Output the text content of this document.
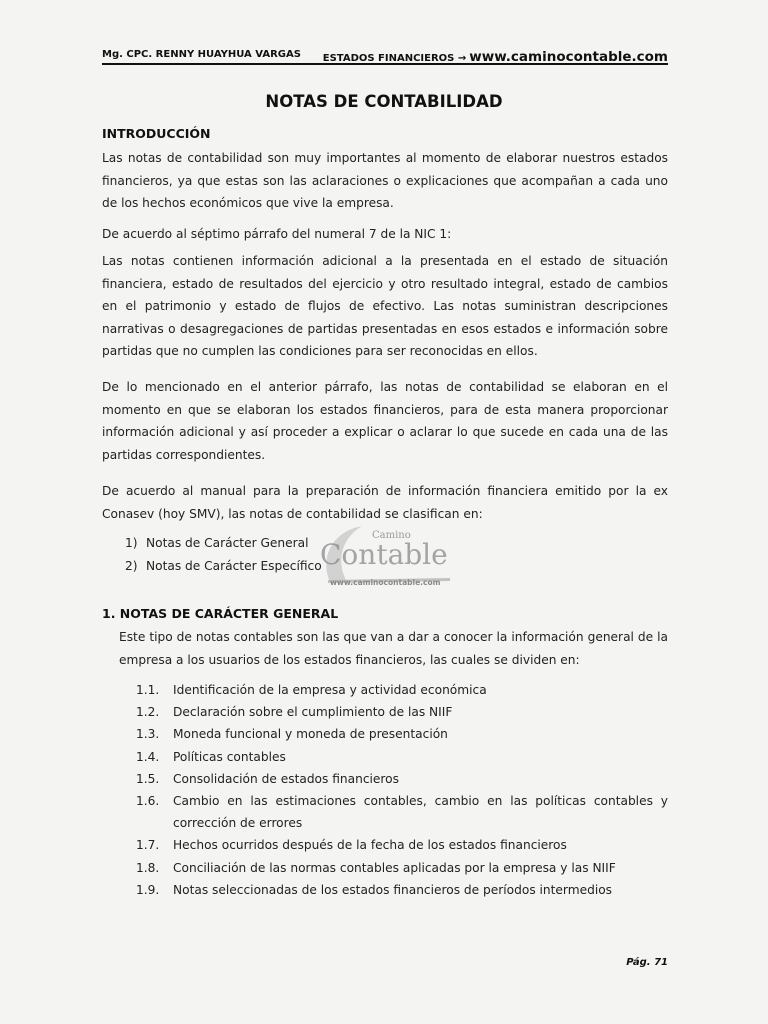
Mg. CPC. RENNY HUAYHUA VARGAS ESTADOS FINANCIEROS → www.caminocontable.com
NOTAS DE CONTABILIDAD
INTRODUCCIÓN
Las notas de contabilidad son muy importantes al momento de elaborar nuestros estados financieros, ya que estas son las aclaraciones o explicaciones que acompañan a cada uno de los hechos económicos que vive la empresa.
De acuerdo al séptimo párrafo del numeral 7 de la NIC 1:
Las notas contienen información adicional a la presentada en el estado de situación financiera, estado de resultados del ejercicio y otro resultado integral, estado de cambios en el patrimonio y estado de flujos de efectivo. Las notas suministran descripciones narrativas o desagregaciones de partidas presentadas en esos estados e información sobre partidas que no cumplen las condiciones para ser reconocidas en ellos.
De lo mencionado en el anterior párrafo, las notas de contabilidad se elaboran en el momento en que se elaboran los estados financieros, para de esta manera proporcionar información adicional y así proceder a explicar o aclarar lo que sucede en cada una de las partidas correspondientes.
De acuerdo al manual para la preparación de información financiera emitido por la ex Conasev (hoy SMV), las notas de contabilidad se clasifican en:
1) Notas de Carácter General
2) Notas de Carácter Específico
Camino
Contable
www.caminocontable.com
1. NOTAS DE CARÁCTER GENERAL
Este tipo de notas contables son las que van a dar a conocer la información general de la empresa a los usuarios de los estados financieros, las cuales se dividen en:
1.1.	Identificación de la empresa y actividad económica
1.2.	Declaración sobre el cumplimiento de las NIIF
1.3.	Moneda funcional y moneda de presentación
1.4.	Políticas contables
1.5.	Consolidación de estados financieros
1.6.	Cambio en las estimaciones contables, cambio en las políticas contables y corrección de errores
1.7.	Hechos ocurridos después de la fecha de los estados financieros
1.8.	Conciliación de las normas contables aplicadas por la empresa y las NIIF
1.9.	Notas seleccionadas de los estados financieros de períodos intermedios
Pág. 71
